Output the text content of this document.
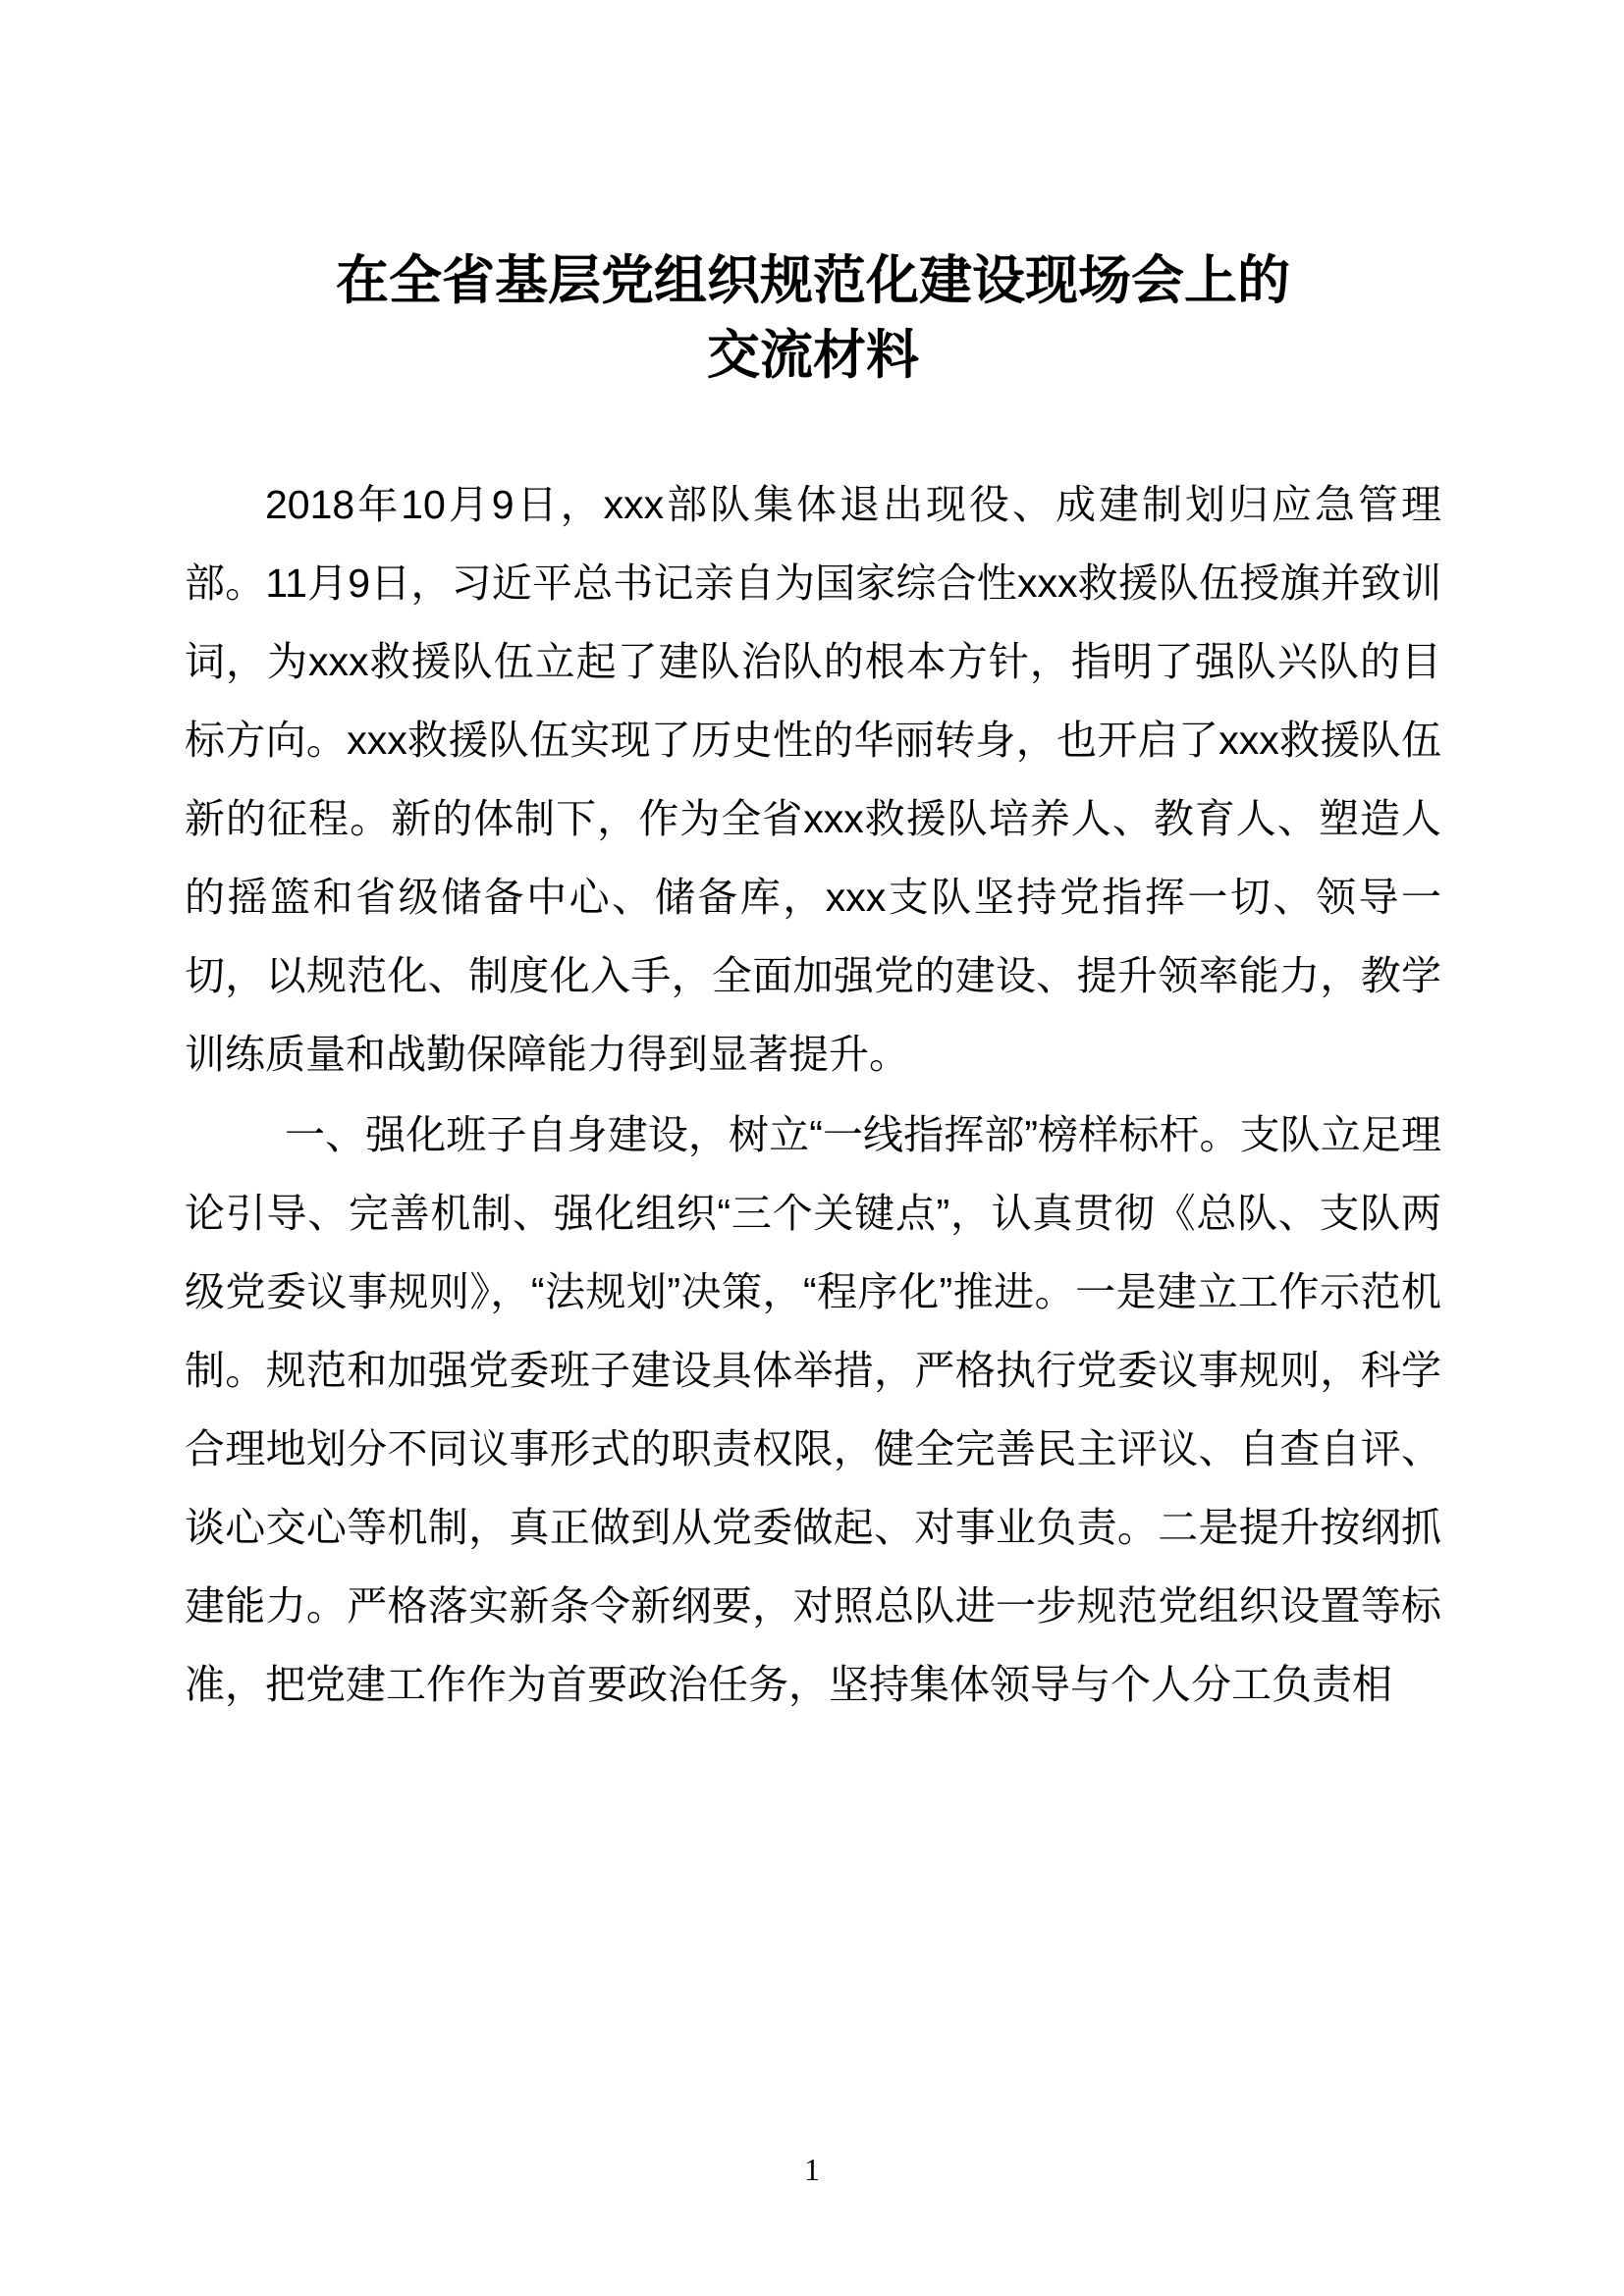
在全省基层党组织规范化建设现场会上的
交流材料

2018年10月9日，xxx部队集体退出现役、成建制划归应急管理部。11月9日，习近平总书记亲自为国家综合性xxx救援队伍授旗并致训词，为xxx救援队伍立起了建队治队的根本方针，指明了强队兴队的目标方向。xxx救援队伍实现了历史性的华丽转身，也开启了xxx救援队伍新的征程。新的体制下，作为全省xxx救援队培养人、教育人、塑造人的摇篮和省级储备中心、储备库，xxx支队坚持党指挥一切、领导一切，以规范化、制度化入手，全面加强党的建设、提升领率能力，教学训练质量和战勤保障能力得到显著提升。

一、强化班子自身建设，树立“一线指挥部”榜样标杆。支队立足理论引导、完善机制、强化组织“三个关键点”，认真贯彻《总队、支队两级党委议事规则》，“法规划”决策，“程序化”推进。一是建立工作示范机制。规范和加强党委班子建设具体举措，严格执行党委议事规则，科学合理地划分不同议事形式的职责权限，健全完善民主评议、自查自评、谈心交心等机制，真正做到从党委做起、对事业负责。二是提升按纲抓建能力。严格落实新条令新纲要，对照总队进一步规范党组织设置等标准，把党建工作作为首要政治任务，坚持集体领导与个人分工负责相

1
